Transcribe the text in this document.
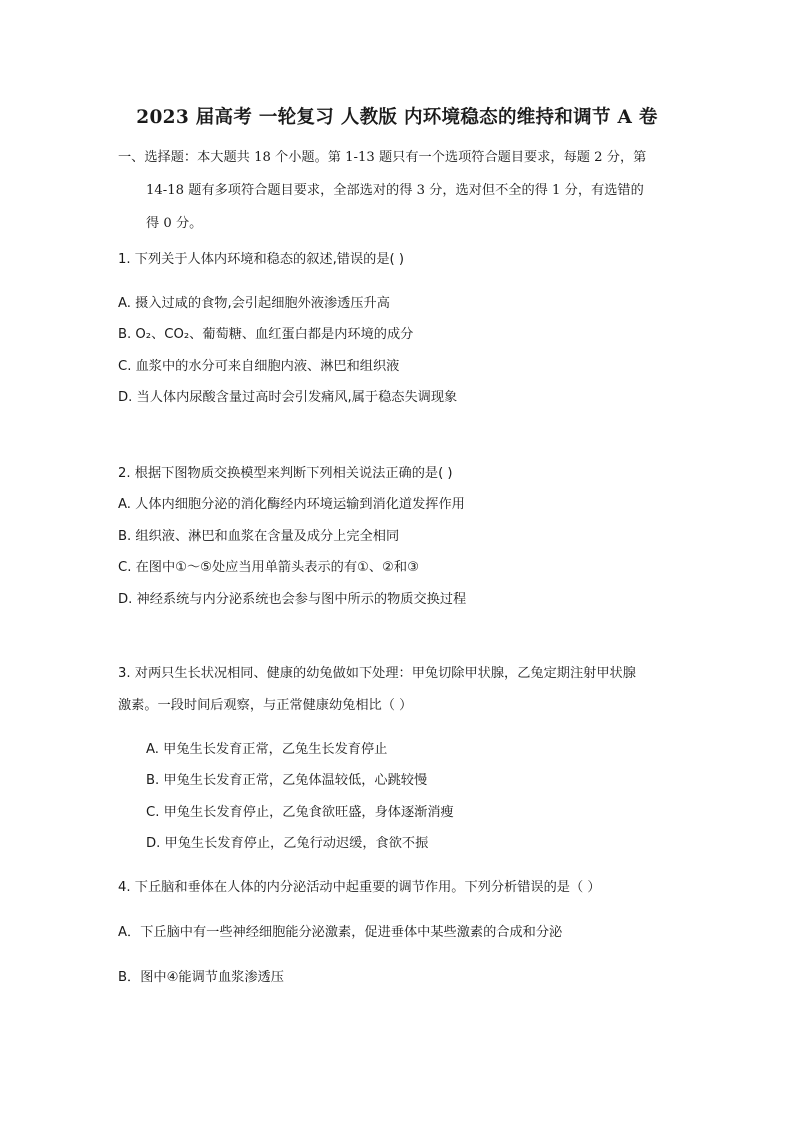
2023 届高考 一轮复习 人教版 内环境稳态的维持和调节 A 卷
一、选择题：本大题共 18 个小题。第 1-13 题只有一个选项符合题目要求，每题 2 分，第
14-18 题有多项符合题目要求，全部选对的得 3 分，选对但不全的得 1 分，有选错的
得 0 分。
1. 下列关于人体内环境和稳态的叙述,错误的是( )
A. 摄入过咸的食物,会引起细胞外液渗透压升高
B. O₂、CO₂、葡萄糖、血红蛋白都是内环境的成分
C. 血浆中的水分可来自细胞内液、淋巴和组织液
D. 当人体内尿酸含量过高时会引发痛风,属于稳态失调现象
2. 根据下图物质交换模型来判断下列相关说法正确的是( )
A. 人体内细胞分泌的消化酶经内环境运输到消化道发挥作用
B. 组织液、淋巴和血浆在含量及成分上完全相同
C. 在图中①～⑤处应当用单箭头表示的有①、②和③
D. 神经系统与内分泌系统也会参与图中所示的物质交换过程
3. 对两只生长状况相同、健康的幼兔做如下处理：甲兔切除甲状腺，乙兔定期注射甲状腺
激素。一段时间后观察，与正常健康幼兔相比（ ）
A. 甲兔生长发育正常，乙兔生长发育停止
B. 甲兔生长发育正常，乙兔体温较低，心跳较慢
C. 甲兔生长发育停止，乙兔食欲旺盛，身体逐渐消瘦
D. 甲兔生长发育停止，乙兔行动迟缓，食欲不振
4. 下丘脑和垂体在人体的内分泌活动中起重要的调节作用。下列分析错误的是（ ）
A．下丘脑中有一些神经细胞能分泌激素，促进垂体中某些激素的合成和分泌
B．图中④能调节血浆渗透压
